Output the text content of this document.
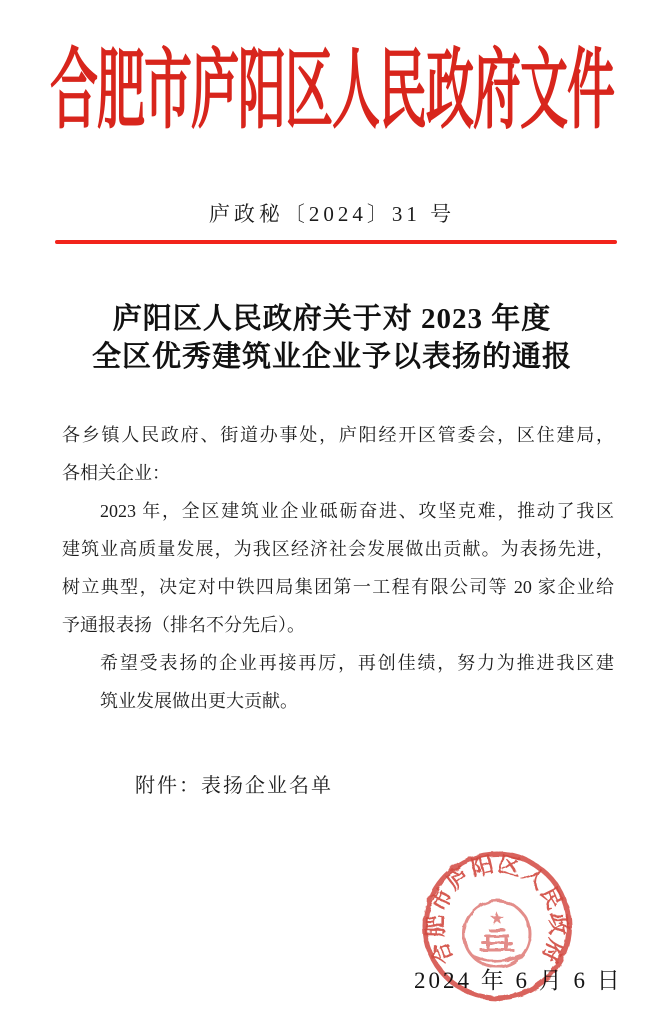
合肥市庐阳区人民政府文件
庐政秘〔2024〕31 号
庐阳区人民政府关于对 2023 年度
全区优秀建筑业企业予以表扬的通报
各乡镇人民政府、街道办事处，庐阳经开区管委会，区住建局，
各相关企业：
2023 年，全区建筑业企业砥砺奋进、攻坚克难，推动了我区
建筑业高质量发展，为我区经济社会发展做出贡献。为表扬先进，
树立典型，决定对中铁四局集团第一工程有限公司等 20 家企业给
予通报表扬（排名不分先后）。
希望受表扬的企业再接再厉，再创佳绩，努力为推进我区建
筑业发展做出更大贡献。
附件：表扬企业名单
2024 年 6 月 6 日
合肥市庐阳区人民政府
★
